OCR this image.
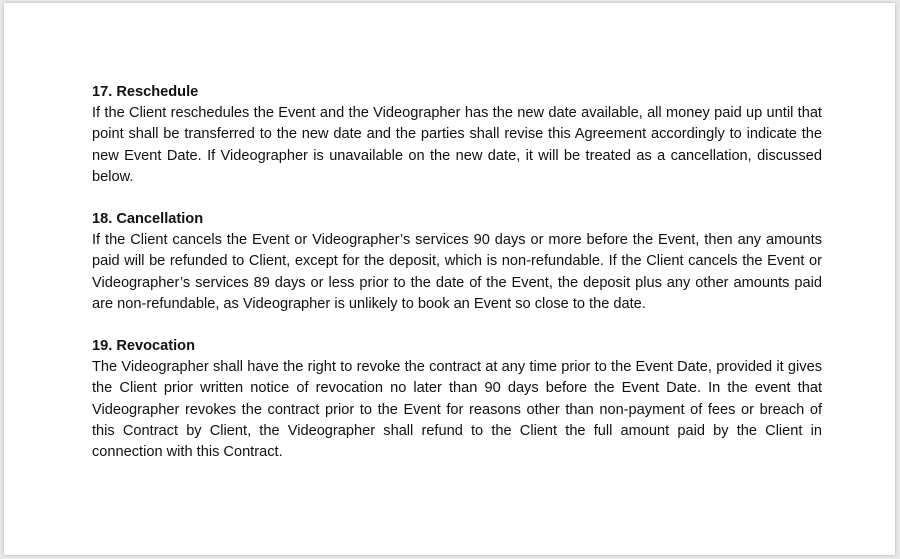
17. Reschedule

If the Client reschedules the Event and the Videographer has the new date available, all money paid up until that point shall be transferred to the new date and the parties shall revise this Agreement accordingly to indicate the new Event Date. If Videographer is unavailable on the new date, it will be treated as a cancellation, discussed below.

18. Cancellation

If the Client cancels the Event or Videographer’s services 90 days or more before the Event, then any amounts paid will be refunded to Client, except for the deposit, which is non-refundable. If the Client cancels the Event or Videographer’s services 89 days or less prior to the date of the Event, the deposit plus any other amounts paid are non-refundable, as Videographer is unlikely to book an Event so close to the date.

19. Revocation

The Videographer shall have the right to revoke the contract at any time prior to the Event Date, provided it gives the Client prior written notice of revocation no later than 90 days before the Event Date. In the event that Videographer revokes the contract prior to the Event for reasons other than non-payment of fees or breach of this Contract by Client, the Videographer shall refund to the Client the full amount paid by the Client in connection with this Contract.
